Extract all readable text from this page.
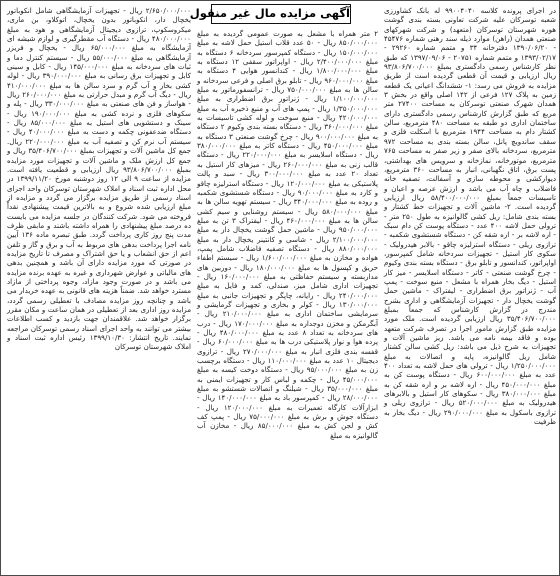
آگهی مزایده مال غیر منقول	در اجرای پرونده کلاسه ۹۹۰۰۴۰۴۰ له بانک کشاورزی شعبه توسرکان علیه شرکت تعاونی بسته بندی گوشت هوره شهرستان توسرکان (متعهد) و شرکت شهرکهای صنعتی همدان (راهن) موارد ذیله سند رهنی شماره ۴۵۴۷۶ - ۱۳۹۰/۰۶/۲۰ دفترخانه ۳۴ و متمم شماره ۲۹۲۶۰ - ۱۳۹۳/۰۲/۱۷ و متمم شماره ۲۰۷۵۱ - ۱۳۹۷/۰۹/۰۶ که طبق نظر کارشناس رسمی دادگستری بمبلغ ۹۳/۸۰۶/۷۰۰/۰۰۰ ریال ارزیابی و قیمت آن قطعی گردیده است از طریق مزایده به فروش می رسد: ۱- ششدانگ اعیانی یک قطعه زمین به پلاک ۱۲۷ فرعی از ۱۴۲ اصلی واقع در بخش ۳ همدان شهرک صنعتی توسرکان به مساحت ۲۷۴۰۰ متر مربع که طبق گزارش کارشناس رسمی دادگستری دارای ساختمان اداری دو طبقه به مساحت ۴۸۰ مترمربع، سالن کشتار دام به مساحت ۱۹۴۴ مترمربع با اسکلت فلزی و سقف ساندویچ پانل، سالن بسته بندی به مساحت ۹۷۲ مترمربع، سردخانه بالای صفر و زیر صفر به مساحت ۷۶۵ مترمربع، موتورخانه، نمازخانه و سرویس های بهداشتی، پست برق، اتاق نگهبانی، انبار به مساحت ۳۶۰ مترمربع، دیوارکشی و محوطه سازی و آسفالت، تصفیه خانه فاضلاب و چاه آب می باشد و ارزش عرصه و اعیان و تاسیسات جمعاً بمبلغ ۵۸/۴۰۰/۰۰۰/۰۰۰ ریال ارزیابی گردیده است. ۲- ماشین آلات و تجهیزات خط کشتار و بسته بندی شامل: ریل کشی گالوانیزه به طول ۲۵۰ متر - ترولی حمل لاشه ۴۰۰ عدد - دستگاه پوست کن دام سبک - اره لاشه بر - اره شقه کن - دستگاه شستشوی شکمبه - ترازوی ریلی - دستگاه استرلیزه چاقو - بالابر هیدرولیک - سکوی کار استیل - تجهیزات سردخانه شامل کمپرسور، اواپراتور، کندانسور و تابلو برق - دستگاه بسته بندی وکیوم - چرخ گوشت صنعتی - کاتر - دستگاه اسلایسر - میز کار استیل - دیگ بخار همراه با مشعل - منبع سوخت - پمپ آب - ژنراتور برق اضطراری - لیفتراک - ماشین حمل گوشت یخچال دار - تجهیزات آزمایشگاهی و اداری بشرح مندرج در گزارش کارشناس که جمعاً بمبلغ ۳۵/۴۰۶/۷۰۰/۰۰۰ ریال ارزیابی گردیده است. ملک مورد مزایده طبق گزارش مامور اجرا در تصرف شرکت متعهد بوده و فاقد بیمه نامه می باشد. ریز ماشین آلات و تجهیزات به شرح ذیل می باشد: ریل کشی سالن کشتار شامل ریل گالوانیزه، پایه و اتصالات به مبلغ ۱/۲۵۰/۰۰۰/۰۰۰ ریال - ترولی های حمل لاشه به تعداد ۴۰۰ عدد به مبلغ ۶۰۰/۰۰۰/۰۰۰ ریال - دستگاه پوست کن به مبلغ ۴۵۰/۰۰۰/۰۰۰ ریال - اره لاشه بر و اره شقه کن به مبلغ ۳۸۰/۰۰۰/۰۰۰ ریال - سکوهای کار استیل و بالابرهای هیدرولیک به مبلغ ۵۲۰/۰۰۰/۰۰۰ ریال - ترازوی ریلی و ترازوی باسکول به مبلغ ۲۹۰/۰۰۰/۰۰۰ ریال - دیگ بخار به ظرفیت

۲ متر همراه با مشعل به صورت عمومی گردیده به مبلغ ۸۵۰/۰۰۰/۰۰۰ ریال - ۵۰ عدد قلاب استیل حمل لاشه به مبلغ ۱۵۰/۰۰۰/۰۰۰ ریال - دستگاه کمپرسور سردخانه ۶ دستگاه به مبلغ ۲/۴۰۰/۰۰۰/۰۰۰ ریال - اواپراتور سقفی ۱۲ دستگاه به مبلغ ۱/۸۰۰/۰۰۰/۰۰۰ ریال - کندانسور هوایی ۴ دستگاه به مبلغ ۹۶۰/۰۰۰/۰۰۰ ریال - تابلو برق اصلی و فرعی سردخانه و سالن ها به مبلغ ۷۵۰/۰۰۰/۰۰۰ ریال - ترانسفورماتور به مبلغ ۱/۱۰۰/۰۰۰/۰۰۰ ریال - ژنراتور برق اضطراری به مبلغ ۱/۳۵۰/۰۰۰/۰۰۰ ریال - پمپ های آب و منبع ذخیره آب به مبلغ ۴۲۰/۰۰۰/۰۰۰ ریال - منبع سوخت و لوله کشی تاسیسات به مبلغ ۳۶۰/۰۰۰/۰۰۰ ریال - دستگاه بسته بندی وکیوم ۲ دستگاه به مبلغ ۹۰۰/۰۰۰/۰۰۰ ریال - چرخ گوشت صنعتی ۳ دستگاه به مبلغ ۴۵۰/۰۰۰/۰۰۰ ریال - دستگاه کاتر به مبلغ ۳۸۰/۰۰۰/۰۰۰ ریال - دستگاه اسلایسر به مبلغ ۲۲۰/۰۰۰/۰۰۰ ریال - دستگاه قالب زنی به مبلغ ۲۶۰/۰۰۰/۰۰۰ ریال - میزهای کار استیل به تعداد ۲۰ عدد به مبلغ ۳۰۰/۰۰۰/۰۰۰ ریال - سبد و پالت پلاستیکی به مبلغ ۱۲۰/۰۰۰/۰۰۰ ریال - دستگاه استرلیزه چاقو و کارد به مبلغ ۹۰/۰۰۰/۰۰۰ ریال - دستگاه شستشوی شکمبه و روده به مبلغ ۳۴۰/۰۰۰/۰۰۰ ریال - سیستم تهویه سالن ها به مبلغ ۵۸۰/۰۰۰/۰۰۰ ریال - سیستم روشنایی و سیم کشی سالن ها به مبلغ ۴۶۰/۰۰۰/۰۰۰ ریال - لیفتراک ۳ تن به مبلغ ۹۵۰/۰۰۰/۰۰۰ ریال - ماشین حمل گوشت یخچال دار به مبلغ ۲/۱۰۰/۰۰۰/۰۰۰ ریال - شاسی و کانتینر یخچال دار به مبلغ ۸۸۰/۰۰۰/۰۰۰ ریال - دستگاه تصفیه فاضلاب شامل پمپ، هواده و مخازن به مبلغ ۱/۶۰۰/۰۰۰/۰۰۰ ریال - سیستم اطفاء حریق و کپسول ها به مبلغ ۱۸۰/۰۰۰/۰۰۰ ریال - دوربین های مداربسته و سیستم حفاظتی به مبلغ ۱۶۰/۰۰۰/۰۰۰ ریال - تجهیزات اداری شامل میز، صندلی، کمد و فایل به مبلغ ۲۴۰/۰۰۰/۰۰۰ ریال - رایانه، چاپگر و تجهیزات جانبی به مبلغ ۱۳۰/۰۰۰/۰۰۰ ریال - کولر و بخاری و تجهیزات گرمایشی و سرمایشی ساختمان اداری به مبلغ ۲۱۰/۰۰۰/۰۰۰ ریال - آبگرمکن و مخزن دوجداره به مبلغ ۱۷۰/۰۰۰/۰۰۰ ریال - درب های سردخانه به تعداد ۸ عدد به مبلغ ۴۸۰/۰۰۰/۰۰۰ ریال - پرده هوا و نوار پلاستیکی درب ها به مبلغ ۶۰/۰۰۰/۰۰۰ ریال - قفسه بندی فلزی انبار به مبلغ ۲۷۰/۰۰۰/۰۰۰ ریال - ترازوی دیجیتال ۱۰ عدد به مبلغ ۱۱۰/۰۰۰/۰۰۰ ریال - دستگاه برچسب زن به مبلغ ۹۵/۰۰۰/۰۰۰ ریال - دستگاه دوخت کیسه به مبلغ ۴۵/۰۰۰/۰۰۰ ریال - چکمه و لباس کار و تجهیزات ایمنی به مبلغ ۳۵/۰۰۰/۰۰۰ ریال - شیلنگ و اتصالات شستشو به مبلغ ۲۸/۰۰۰/۰۰۰ ریال - کمپرسور باد به مبلغ ۱۴۰/۰۰۰/۰۰۰ ریال - ابزارآلات کارگاه تعمیرات به مبلغ ۱۲۰/۰۰۰/۰۰۰ ریال - دستگاه جوش و برش به مبلغ ۷۵/۰۰۰/۰۰۰ ریال - پمپ کف کش و لجن کش به مبلغ ۸۵/۰۰۰/۰۰۰ ریال - مخازن آب گالوانیزه به مبلغ

۲/۶۵۰/۰۰۰/۰۰۰ ریال - تجهیزات آزمایشگاهی شامل انکوباتور یخچال دار، انکوباتور بدون یخچال، اتوکلاو، بن ماری، میکروسکوپ، ترازوی دیجیتال آزمایشگاهی و هود به مبلغ ۴۸۰/۰۰۰/۰۰۰ ریال - دستگاه آب مقطرگیری و لوازم شیشه ای آزمایشگاه به مبلغ ۶۵/۰۰۰/۰۰۰ ریال - یخچال و فریزر آزمایشگاهی به مبلغ ۵۵/۰۰۰/۰۰۰ ریال - سیستم کنترل دما و ثبات های سردخانه به مبلغ ۱۴۵/۰۰۰/۰۰۰ ریال - کابل و سینی کابل و تجهیزات برق رسانی به مبلغ ۳۹۰/۰۰۰/۰۰۰ ریال - لوله کشی بخار و آب گرم و سرد سالن ها به مبلغ ۴۱۰/۰۰۰/۰۰۰ ریال - دیگ آب گرم و مبدل حرارتی به مبلغ ۲۶۰/۰۰۰/۰۰۰ ریال - هواساز و فن های صنعتی به مبلغ ۳۳۰/۰۰۰/۰۰۰ ریال - پله و سکوهای فلزی و نرده کشی به مبلغ ۱۹۰/۰۰۰/۰۰۰ ریال - سینک و دستشویی های استیل به مبلغ ۸۵/۰۰۰/۰۰۰ ریال - دستگاه ضدعفونی چکمه و دست به مبلغ ۴۰/۰۰۰/۰۰۰ ریال - سیستم آب نرم کن و تصفیه آب به مبلغ ۲۲۰/۰۰۰/۰۰۰ ریال. جمع کل ماشین آلات و تجهیزات بمبلغ ۳۵/۴۰۶/۷۰۰/۰۰۰ ریال و جمع کل ارزش ملک و ماشین آلات و تجهیزات مورد مزایده بمبلغ ۹۳/۸۰۶/۷۰۰/۰۰۰ ریال ارزیابی و قطعیت یافته است. مزایده از ساعت ۹ الی ۱۲ روز دوشنبه مورخ ۱۳۹۹/۱۱/۲۰ در محل اداره ثبت اسناد و املاک شهرستان توسرکان واحد اجرای اسناد رسمی از طریق مزایده برگزار می گردد و مزایده از مبلغ ارزیابی شده شروع و به بالاترین قیمت پیشنهادی نقداً فروخته می شود. شرکت کنندگان در جلسه مزایده می بایست ده درصد مبلغ پیشنهادی را همراه داشته باشند و مابقی ظرف مدت پنج روز کاری پرداخت گردد. طبق تبصره ماده ۱۳۶ آیین نامه اجرا پرداخت بدهی های مربوط به آب و برق و گاز و تلفن اعم از حق انشعاب و یا حق اشتراک و مصرف تا تاریخ مزایده در صورتی که مورد مزایده دارای آن باشد و همچنین بدهی های مالیاتی و عوارض شهرداری و غیره به عهده برنده مزایده می باشد و در صورت وجود مازاد، وجوه پرداختی از مازاد مسترد خواهد شد. ضمناً هزینه های قانونی به عهده خریدار می باشد و چنانچه روز مزایده مصادف با تعطیلی رسمی گردد، مزایده روز اداری بعد از تعطیلی در همان ساعت و مکان مقرر برگزار خواهد شد. علاقمندان جهت بازدید و کسب اطلاعات بیشتر می توانند به واحد اجرای اسناد رسمی توسرکان مراجعه نمایند. تاریخ انتشار: ۱۳۹۹/۱۰/۳۰ رئیس اداره ثبت اسناد و املاک شهرستان توسرکان
